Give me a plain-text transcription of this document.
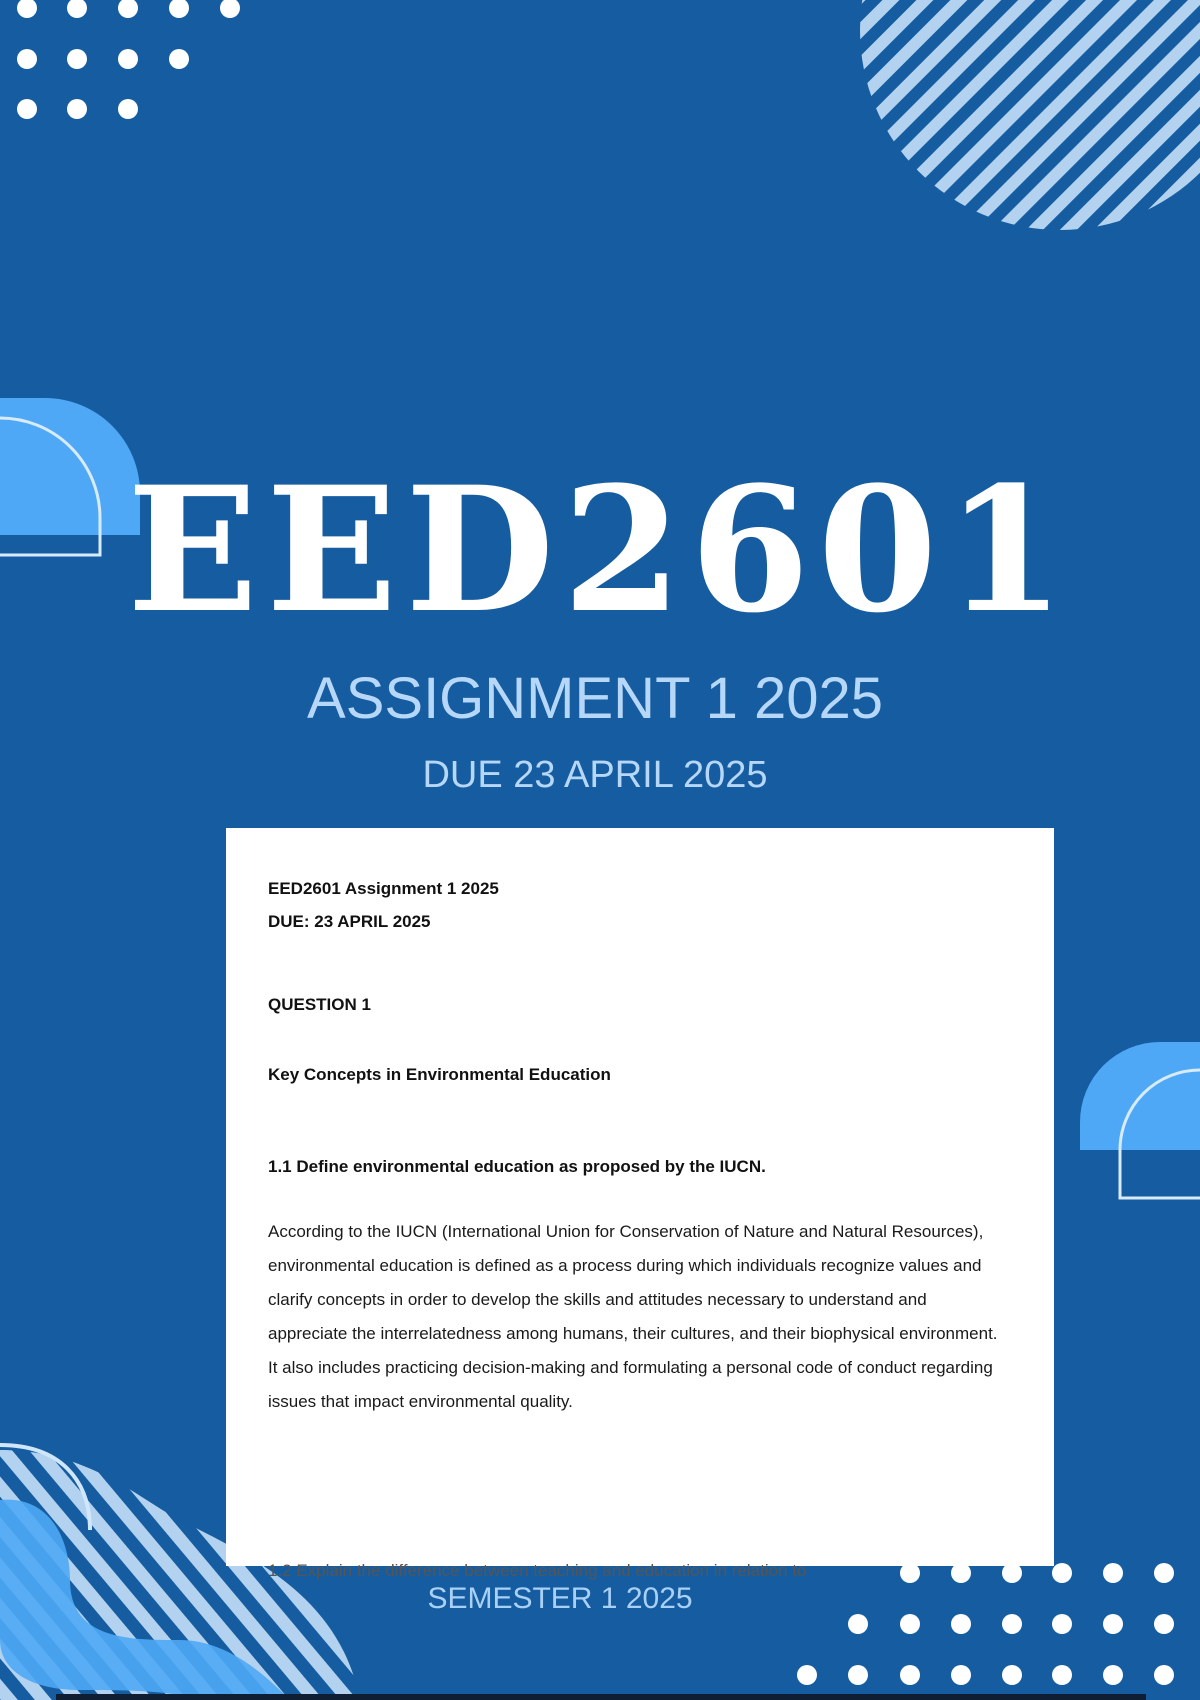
EED2601
ASSIGNMENT 1 2025
DUE 23 APRIL 2025
EED2601 Assignment 1 2025
DUE: 23 APRIL 2025
QUESTION 1
Key Concepts in Environmental Education
1.1 Define environmental education as proposed by the IUCN.
According to the IUCN (International Union for Conservation of Nature and Natural Resources), environmental education is defined as a process during which individuals recognize values and clarify concepts in order to develop the skills and attitudes necessary to understand and appreciate the interrelatedness among humans, their cultures, and their biophysical environment. It also includes practicing decision-making and formulating a personal code of conduct regarding issues that impact environmental quality.
1.2 Explain the difference between teaching and education in relation to
SEMESTER 1 2025
